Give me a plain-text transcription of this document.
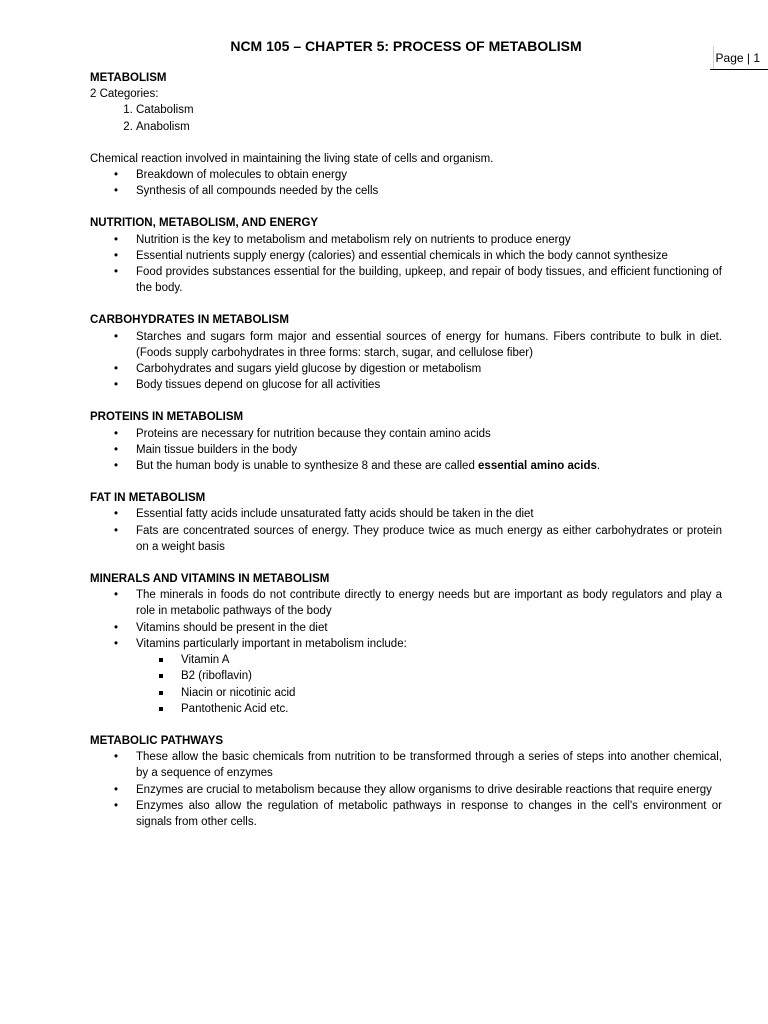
NCM 105 – CHAPTER 5: PROCESS OF METABOLISM
Page | 1
METABOLISM
2 Categories:
1. Catabolism
2. Anabolism
Chemical reaction involved in maintaining the living state of cells and organism.
• Breakdown of molecules to obtain energy
• Synthesis of all compounds needed by the cells
NUTRITION, METABOLISM, AND ENERGY
• Nutrition is the key to metabolism and metabolism rely on nutrients to produce energy
• Essential nutrients supply energy (calories) and essential chemicals in which the body cannot synthesize
• Food provides substances essential for the building, upkeep, and repair of body tissues, and efficient functioning of the body.
CARBOHYDRATES IN METABOLISM
• Starches and sugars form major and essential sources of energy for humans. Fibers contribute to bulk in diet. (Foods supply carbohydrates in three forms: starch, sugar, and cellulose fiber)
• Carbohydrates and sugars yield glucose by digestion or metabolism
• Body tissues depend on glucose for all activities
PROTEINS IN METABOLISM
• Proteins are necessary for nutrition because they contain amino acids
• Main tissue builders in the body
• But the human body is unable to synthesize 8 and these are called essential amino acids.
FAT IN METABOLISM
• Essential fatty acids include unsaturated fatty acids should be taken in the diet
• Fats are concentrated sources of energy. They produce twice as much energy as either carbohydrates or protein on a weight basis
MINERALS AND VITAMINS IN METABOLISM
• The minerals in foods do not contribute directly to energy needs but are important as body regulators and play a role in metabolic pathways of the body
• Vitamins should be present in the diet
• Vitamins particularly important in metabolism include:
Vitamin A
B2 (riboflavin)
Niacin or nicotinic acid
Pantothenic Acid etc.
METABOLIC PATHWAYS
• These allow the basic chemicals from nutrition to be transformed through a series of steps into another chemical, by a sequence of enzymes
• Enzymes are crucial to metabolism because they allow organisms to drive desirable reactions that require energy
• Enzymes also allow the regulation of metabolic pathways in response to changes in the cell's environment or signals from other cells.
